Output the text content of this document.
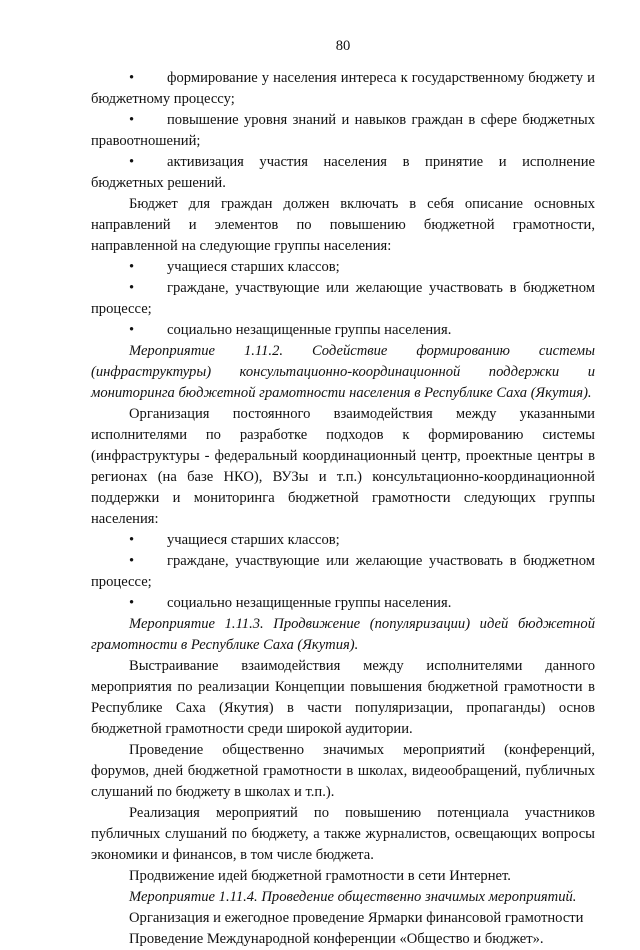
80
•формирование у населения интереса к государственному бюджету и бюджетному процессу;
•повышение уровня знаний и навыков граждан в сфере бюджетных правоотношений;
•активизация участия населения в принятие и исполнение бюджетных решений.

Бюджет для граждан должен включать в себя описание основных направлений и элементов по повышению бюджетной грамотности, направленной на следующие группы населения:

•учащиеся старших классов;
•граждане, участвующие или желающие участвовать в бюджетном процессе;
•социально незащищенные группы населения.

Мероприятие 1.11.2. Содействие формированию системы (инфраструктуры) консультационно-координационной поддержки и мониторинга бюджетной грамотности населения в Республике Саха (Якутия).

Организация постоянного взаимодействия между указанными исполнителями по разработке подходов к формированию системы (инфраструктуры - федеральный координационный центр, проектные центры в регионах (на базе НКО), ВУЗы и т.п.) консультационно-координационной поддержки и мониторинга бюджетной грамотности следующих группы населения:

•учащиеся старших классов;
•граждане, участвующие или желающие участвовать в бюджетном процессе;
•социально незащищенные группы населения.

Мероприятие 1.11.3. Продвижение (популяризации) идей бюджетной грамотности в Республике Саха (Якутия).

Выстраивание взаимодействия между исполнителями данного мероприятия по реализации Концепции повышения бюджетной грамотности в Республике Саха (Якутия) в части популяризации, пропаганды) основ бюджетной грамотности среди широкой аудитории.

Проведение общественно значимых мероприятий (конференций, форумов, дней бюджетной грамотности в школах, видеообращений, публичных слушаний по бюджету в школах и т.п.).

Реализация мероприятий по повышению потенциала участников публичных слушаний по бюджету, а также журналистов, освещающих вопросы экономики и финансов, в том числе бюджета.

Продвижение идей бюджетной грамотности в сети Интернет.

Мероприятие 1.11.4. Проведение общественно значимых мероприятий.

Организация и ежегодное проведение Ярмарки финансовой грамотности

Проведение Международной конференции «Общество и бюджет».
